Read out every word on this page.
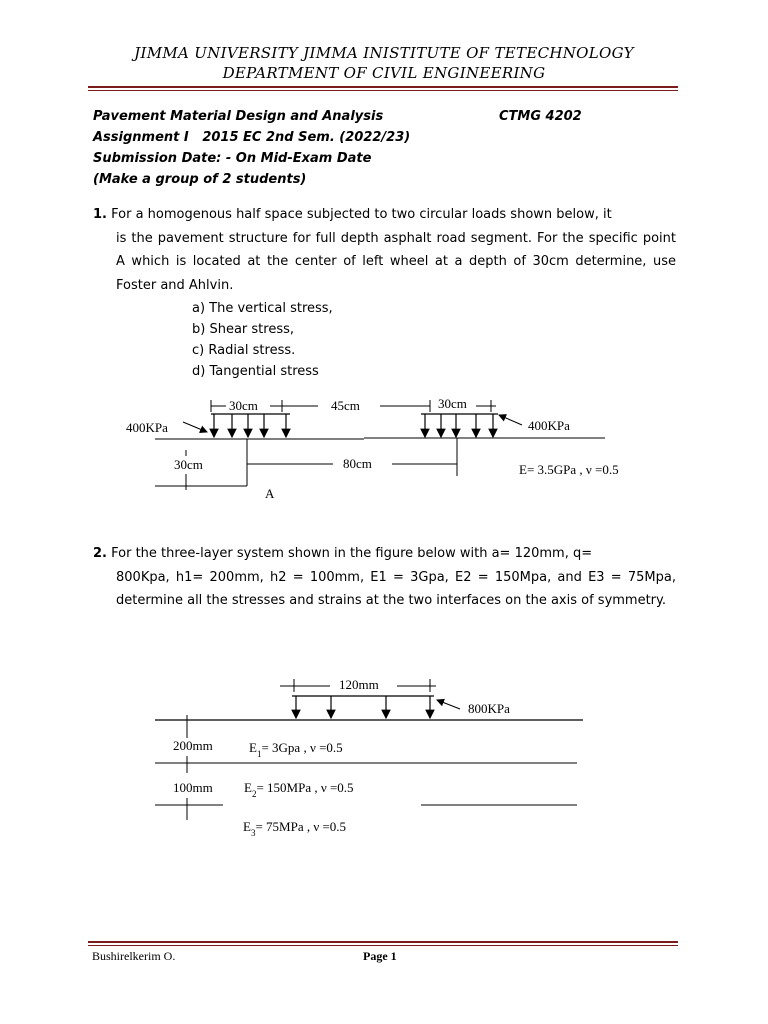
JIMMA UNIVERSITY JIMMA INISTITUTE OF TETECHNOLOGY
DEPARTMENT OF CIVIL ENGINEERING
Pavement Material Design and Analysis	CTMG 4202
Assignment I   2015 EC 2nd Sem. (2022/23)
Submission Date: - On Mid-Exam Date
(Make a group of 2 students)

1. For a homogenous half space subjected to two circular loads shown below, it
is the pavement structure for full depth asphalt road segment. For the specific point A which is located at the center of left wheel at a depth of 30cm determine, use Foster and Ahlvin.

a) The vertical stress,
b) Shear stress,
c) Radial stress.
d) Tangential stress
30cm	45cm	30cm
400KPa	400KPa
30cm
A
80cm	E= 3.5GPa , ν =0.5

2. For the three-layer system shown in the figure below with a= 120mm, q=
800Kpa, h1= 200mm, h2 = 100mm, E1 = 3Gpa, E2 = 150Mpa, and E3 = 75Mpa, determine all the stresses and strains at the two interfaces on the axis of symmetry.

120mm
800KPa
200mm	$E_1= 3Gpa$ , ν =0.5
100mm $E_2= 150MPa$ , ν =0.5
$E_3= 75MPa$ , ν =0.5
Bushirelkerim O.	Page 1
